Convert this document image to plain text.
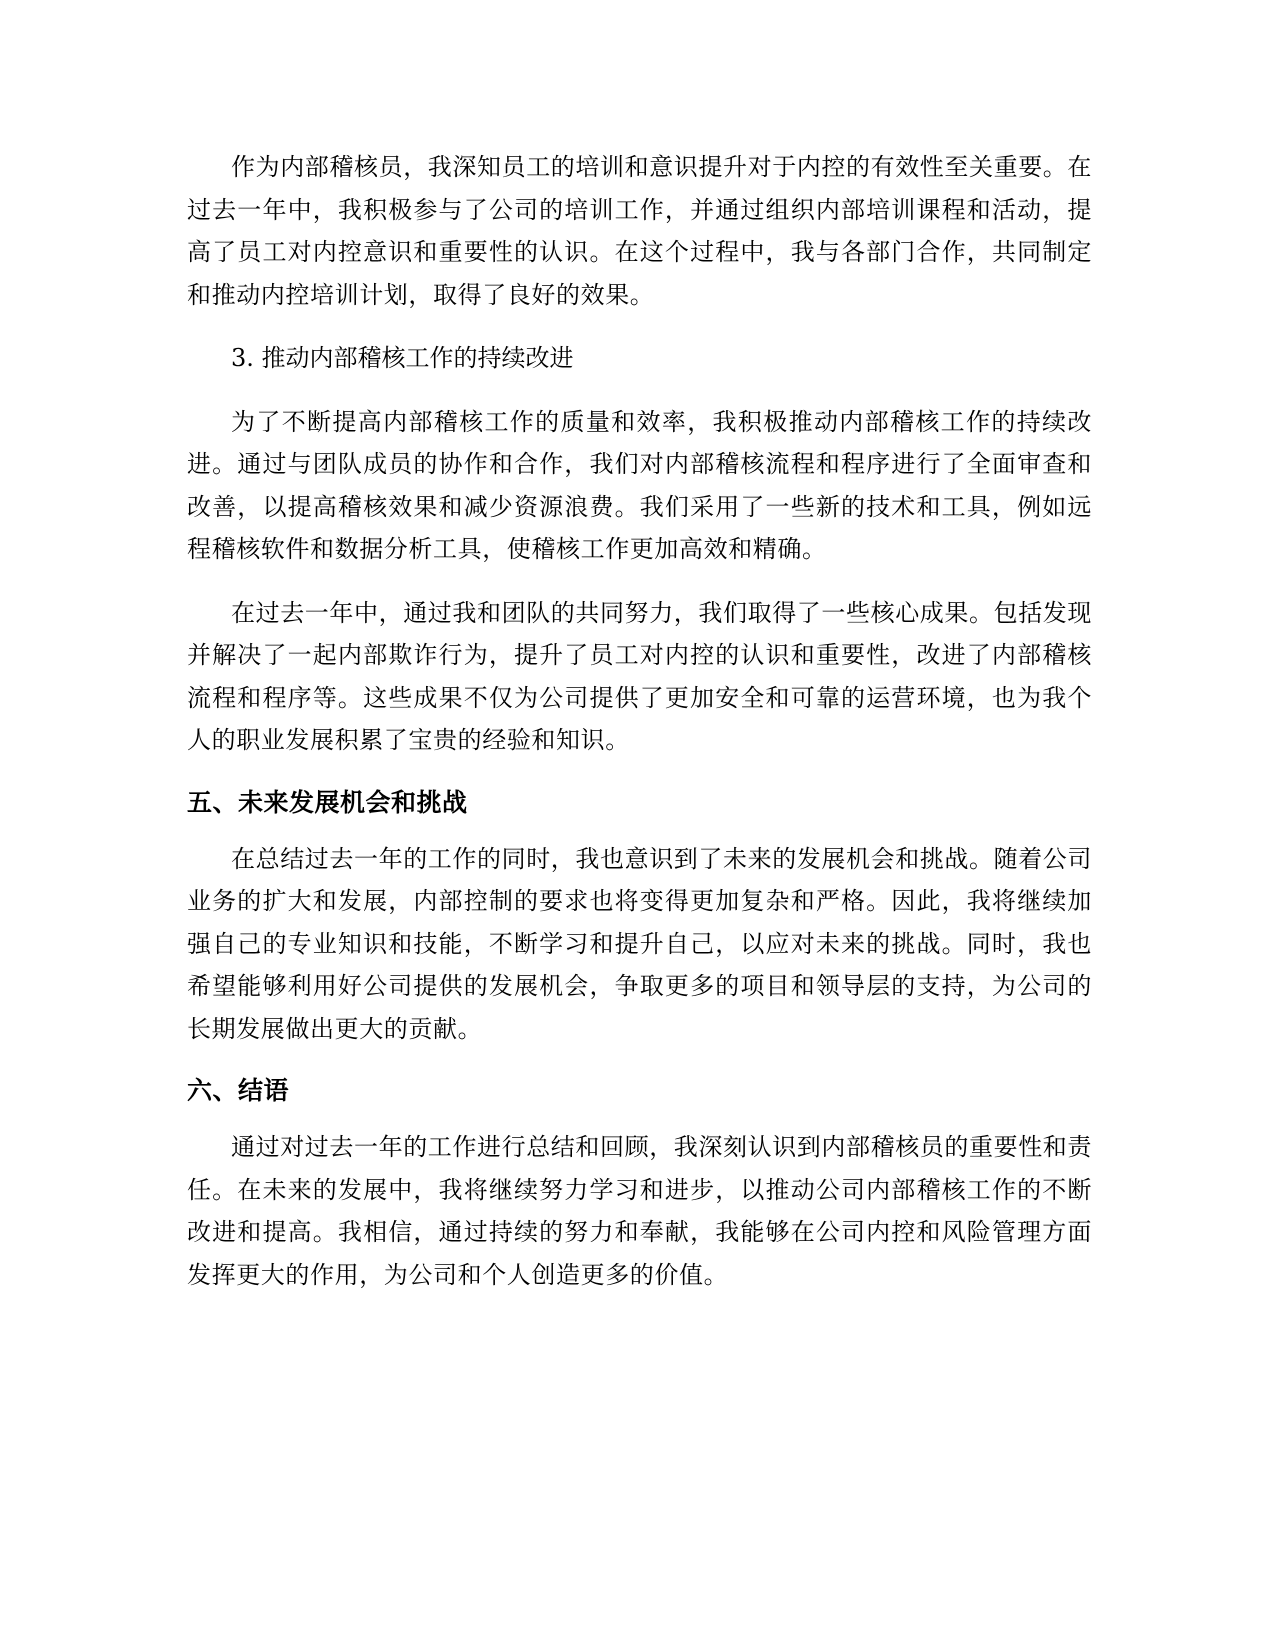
作为内部稽核员，我深知员工的培训和意识提升对于内控的有效性至关重要。在过去一年中，我积极参与了公司的培训工作，并通过组织内部培训课程和活动，提高了员工对内控意识和重要性的认识。在这个过程中，我与各部门合作，共同制定和推动内控培训计划，取得了良好的效果。

3. 推动内部稽核工作的持续改进

为了不断提高内部稽核工作的质量和效率，我积极推动内部稽核工作的持续改进。通过与团队成员的协作和合作，我们对内部稽核流程和程序进行了全面审查和改善，以提高稽核效果和减少资源浪费。我们采用了一些新的技术和工具，例如远程稽核软件和数据分析工具，使稽核工作更加高效和精确。

在过去一年中，通过我和团队的共同努力，我们取得了一些核心成果。包括发现并解决了一起内部欺诈行为，提升了员工对内控的认识和重要性，改进了内部稽核流程和程序等。这些成果不仅为公司提供了更加安全和可靠的运营环境，也为我个人的职业发展积累了宝贵的经验和知识。

五、未来发展机会和挑战

在总结过去一年的工作的同时，我也意识到了未来的发展机会和挑战。随着公司业务的扩大和发展，内部控制的要求也将变得更加复杂和严格。因此，我将继续加强自己的专业知识和技能，不断学习和提升自己，以应对未来的挑战。同时，我也希望能够利用好公司提供的发展机会，争取更多的项目和领导层的支持，为公司的长期发展做出更大的贡献。

六、结语

通过对过去一年的工作进行总结和回顾，我深刻认识到内部稽核员的重要性和责任。在未来的发展中，我将继续努力学习和进步，以推动公司内部稽核工作的不断改进和提高。我相信，通过持续的努力和奉献，我能够在公司内控和风险管理方面发挥更大的作用，为公司和个人创造更多的价值。
